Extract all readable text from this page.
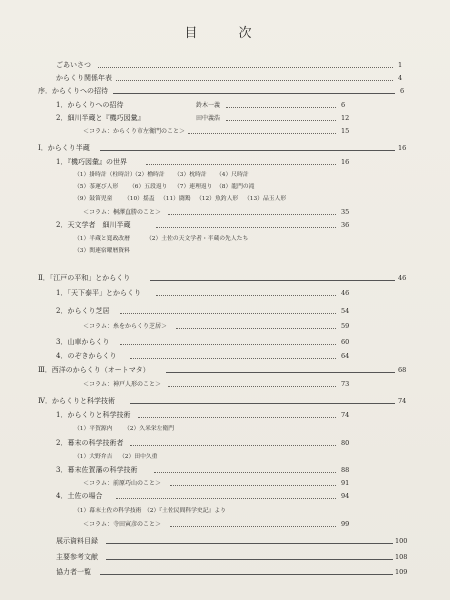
目　次
ごあいさつ	1
からくり関係年表	4
序．からくりへの招待	6
1．からくりへの招待	鈴木一義	6
2．細川半蔵と『機巧図彙』	田中義浩	12
＜コラム：からくり市左衛門のこと＞	15
Ⅰ．からくり半蔵	16
1．『機巧図彙』の世界	16
（1）掛時計（柱時計）
（2）櫓時計 （3）枕時計 （4）尺時計
（5）茶運び人形 （6）五段返り （7）連理返り （8）龍門の滝
（9）鼓笛児童 （10）揺盃 （11）闘鶏 （12）魚釣人形 （13）品玉人形
＜コラム：桐澤直勝のこと＞	35
2．天文学者　細川半蔵	36
（1）半蔵と寛政改暦	（2）土佐の天文学者・半蔵の先人たち
（3）関連宿曜暦資料
Ⅱ．「江戸の平和」とからくり	46
1．「天下泰平」とからくり	46
2．からくり芝居	54
＜コラム：糸をからくり芝居＞	59
3．山車からくり	60
4．のぞきからくり	64
Ⅲ．西洋のからくり（オートマタ）	68
＜コラム：神戸人形のこと＞	73
Ⅳ．からくりと科学技術	74
1．からくりと科学技術	74
（1）平賀源内 （2）久米栄左衛門
2．幕末の科学技術者	80
（1）大野弁吉 （2）田中久重
3．幕末佐賀藩の科学技術	88
＜コラム：前原巧山のこと＞	91
4．土佐の場合	94
（1）幕末土佐の科学技術 （2）『土佐民間科学史記』より
＜コラム：寺田寅彦のこと＞	99
展示資料目録	100
主要参考文献	108
協力者一覧	109
